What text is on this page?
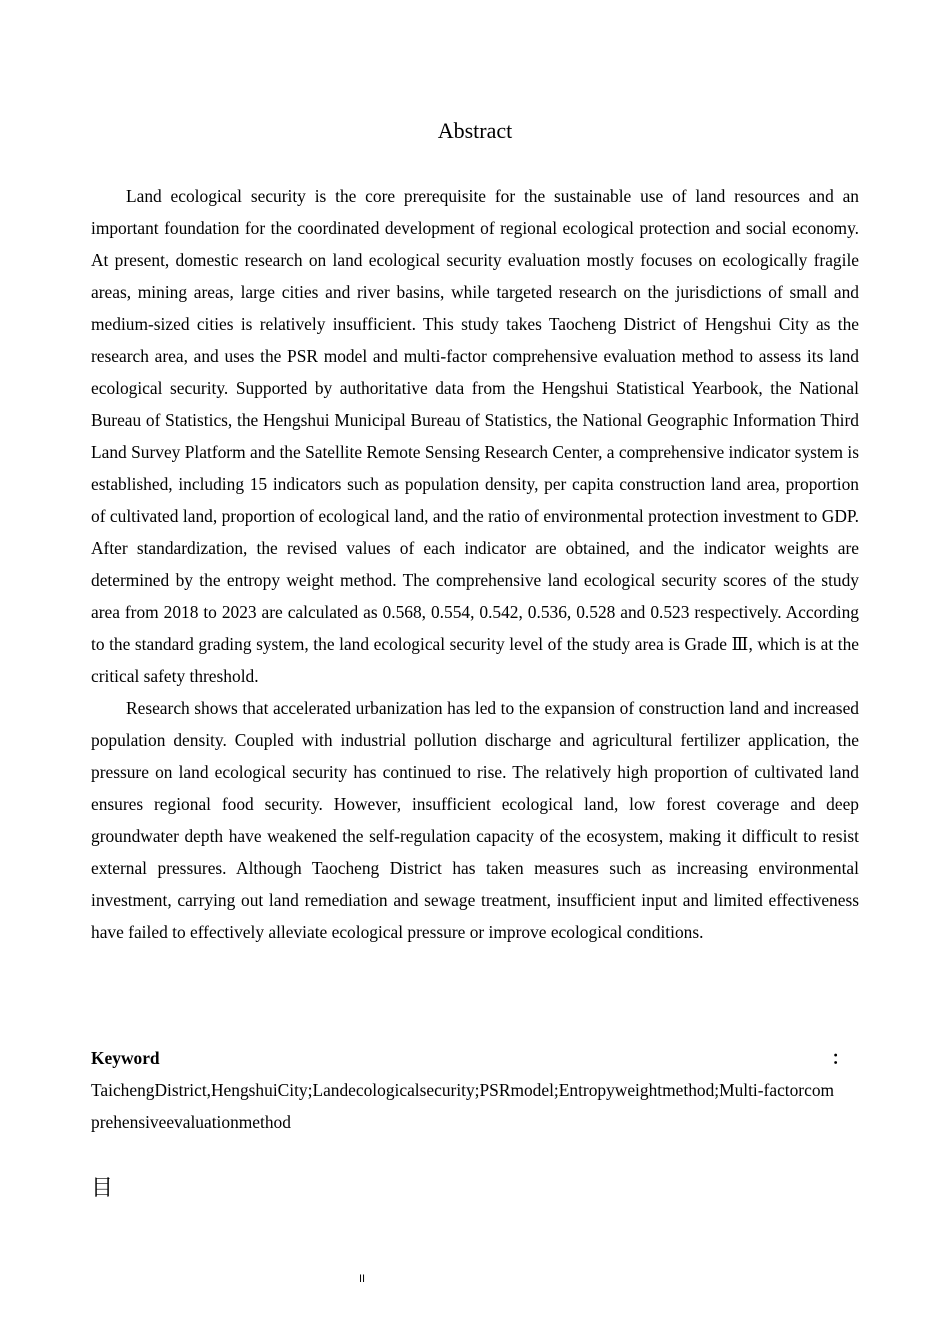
Abstract

Land ecological security is the core prerequisite for the sustainable use of land resources and an important foundation for the coordinated development of regional ecological protection and social economy. At present, domestic research on land ecological security evaluation mostly focuses on ecologically fragile areas, mining areas, large cities and river basins, while targeted research on the jurisdictions of small and medium-sized cities is relatively insufficient. This study takes Taocheng District of Hengshui City as the research area, and uses the PSR model and multi-factor comprehensive evaluation method to assess its land ecological security. Supported by authoritative data from the Hengshui Statistical Yearbook, the National Bureau of Statistics, the Hengshui Municipal Bureau of Statistics, the National Geographic Information Third Land Survey Platform and the Satellite Remote Sensing Research Center, a comprehensive indicator system is established, including 15 indicators such as population density, per capita construction land area, proportion of cultivated land, proportion of ecological land, and the ratio of environmental protection investment to GDP. After standardization, the revised values of each indicator are obtained, and the indicator weights are determined by the entropy weight method. The comprehensive land ecological security scores of the study area from 2018 to 2023 are calculated as 0.568, 0.554, 0.542, 0.536, 0.528 and 0.523 respectively. According to the standard grading system, the land ecological security level of the study area is Grade Ⅲ, which is at the critical safety threshold.

Research shows that accelerated urbanization has led to the expansion of construction land and increased population density. Coupled with industrial pollution discharge and agricultural fertilizer application, the pressure on land ecological security has continued to rise. The relatively high proportion of cultivated land ensures regional food security. However, insufficient ecological land, low forest coverage and deep groundwater depth have weakened the self-regulation capacity of the ecosystem, making it difficult to resist external pressures. Although Taocheng District has taken measures such as increasing environmental investment, carrying out land remediation and sewage treatment, insufficient input and limited effectiveness have failed to effectively alleviate ecological pressure or improve ecological conditions.

Keyword	：
TaichengDistrict,HengshuiCity;Landecologicalsecurity;PSRmodel;Entropyweightmethod;Multi-factorcomprehensiveevaluationmethod
目
II
